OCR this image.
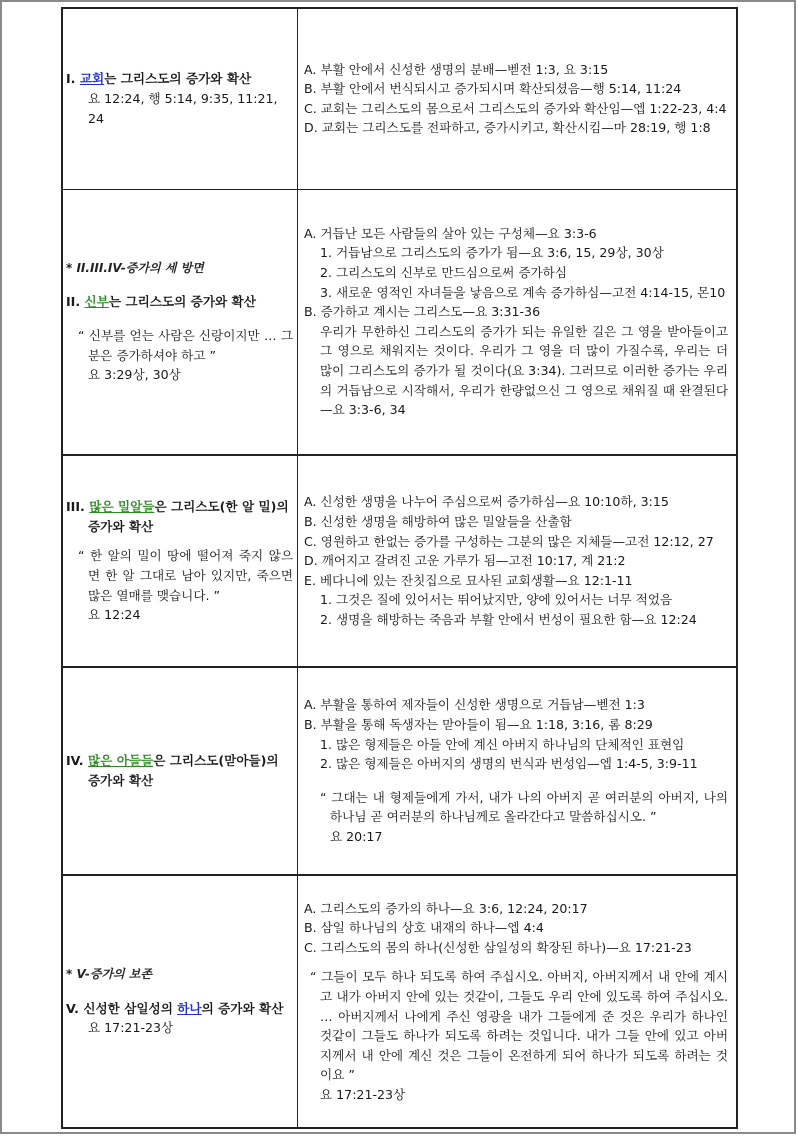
I. 교회는 그리스도의 증가와 확산
요 12:24, 행 5:14, 9:35, 11:21, 24

A. 부활 안에서 신성한 생명의 분배—벧전 1:3, 요 3:15
B. 부활 안에서 번식되시고 증가되시며 확산되셨음—행 5:14, 11:24
C. 교회는 그리스도의 몸으로서 그리스도의 증가와 확산임—엡 1:22-23, 4:4
D. 교회는 그리스도를 전파하고, 증가시키고, 확산시킴—마 28:19, 행 1:8

* II.III.IV-증가의 세 방면
II. 신부는 그리스도의 증가와 확산
“ 신부를 얻는 사람은 신랑이지만 … 그분은 증가하셔야 하고 ”
요 3:29상, 30상

A. 거듭난 모든 사람들의 살아 있는 구성체—요 3:3-6
1. 거듭남으로 그리스도의 증가가 됨—요 3:6, 15, 29상, 30상
2. 그리스도의 신부로 만드심으로써 증가하심
3. 새로운 영적인 자녀들을 낳음으로 계속 증가하심—고전 4:14-15, 몬10
B. 증가하고 계시는 그리스도—요 3:31-36
우리가 무한하신 그리스도의 증가가 되는 유일한 길은 그 영을 받아들이고 그 영으로 채워지는 것이다. 우리가 그 영을 더 많이 가질수록, 우리는 더 많이 그리스도의 증가가 될 것이다(요 3:34). 그러므로 이러한 증가는 우리의 거듭남으로 시작해서, 우리가 한량없으신 그 영으로 채워질 때 완결된다—요 3:3-6, 34

III. 많은 밀알들은 그리스도(한 알 밀)의 증가와 확산
“ 한 알의 밀이 땅에 떨어져 죽지 않으면 한 알 그대로 남아 있지만, 죽으면 많은 열매를 맺습니다. ”
요 12:24

A. 신성한 생명을 나누어 주심으로써 증가하심—요 10:10하, 3:15
B. 신성한 생명을 해방하여 많은 밀알들을 산출함
C. 영원하고 한없는 증가를 구성하는 그분의 많은 지체들—고전 12:12, 27
D. 깨어지고 갈려진 고운 가루가 됨—고전 10:17, 계 21:2
E. 베다니에 있는 잔칫집으로 묘사된 교회생활—요 12:1-11
1. 그것은 질에 있어서는 뛰어났지만, 양에 있어서는 너무 적었음
2. 생명을 해방하는 죽음과 부활 안에서 번성이 필요한 함—요 12:24

IV. 많은 아들들은 그리스도(맏아들)의 증가와 확산

A. 부활을 통하여 제자들이 신성한 생명으로 거듭남—벧전 1:3
B. 부활을 통해 독생자는 맏아들이 됨—요 1:18, 3:16, 롬 8:29
1. 많은 형제들은 아들 안에 계신 아버지 하나님의 단체적인 표현임
2. 많은 형제들은 아버지의 생명의 번식과 번성임—엡 1:4-5, 3:9-11
“ 그대는 내 형제들에게 가서, 내가 나의 아버지 곧 여러분의 아버지, 나의 하나님 곧 여러분의 하나님께로 올라간다고 말씀하십시오. ”
요 20:17

* V-증가의 보존
V. 신성한 삼일성의 하나의 증가와 확산
요 17:21-23상

A. 그리스도의 증가의 하나—요 3:6, 12:24, 20:17
B. 삼일 하나님의 상호 내재의 하나—엡 4:4
C. 그리스도의 몸의 하나(신성한 삼일성의 확장된 하나)—요 17:21-23
“ 그들이 모두 하나 되도록 하여 주십시오. 아버지, 아버지께서 내 안에 계시고 내가 아버지 안에 있는 것같이, 그들도 우리 안에 있도록 하여 주십시오. … 아버지께서 나에게 주신 영광을 내가 그들에게 준 것은 우리가 하나인 것같이 그들도 하나가 되도록 하려는 것입니다. 내가 그들 안에 있고 아버지께서 내 안에 계신 것은 그들이 온전하게 되어 하나가 되도록 하려는 것이요 ”
요 17:21-23상
